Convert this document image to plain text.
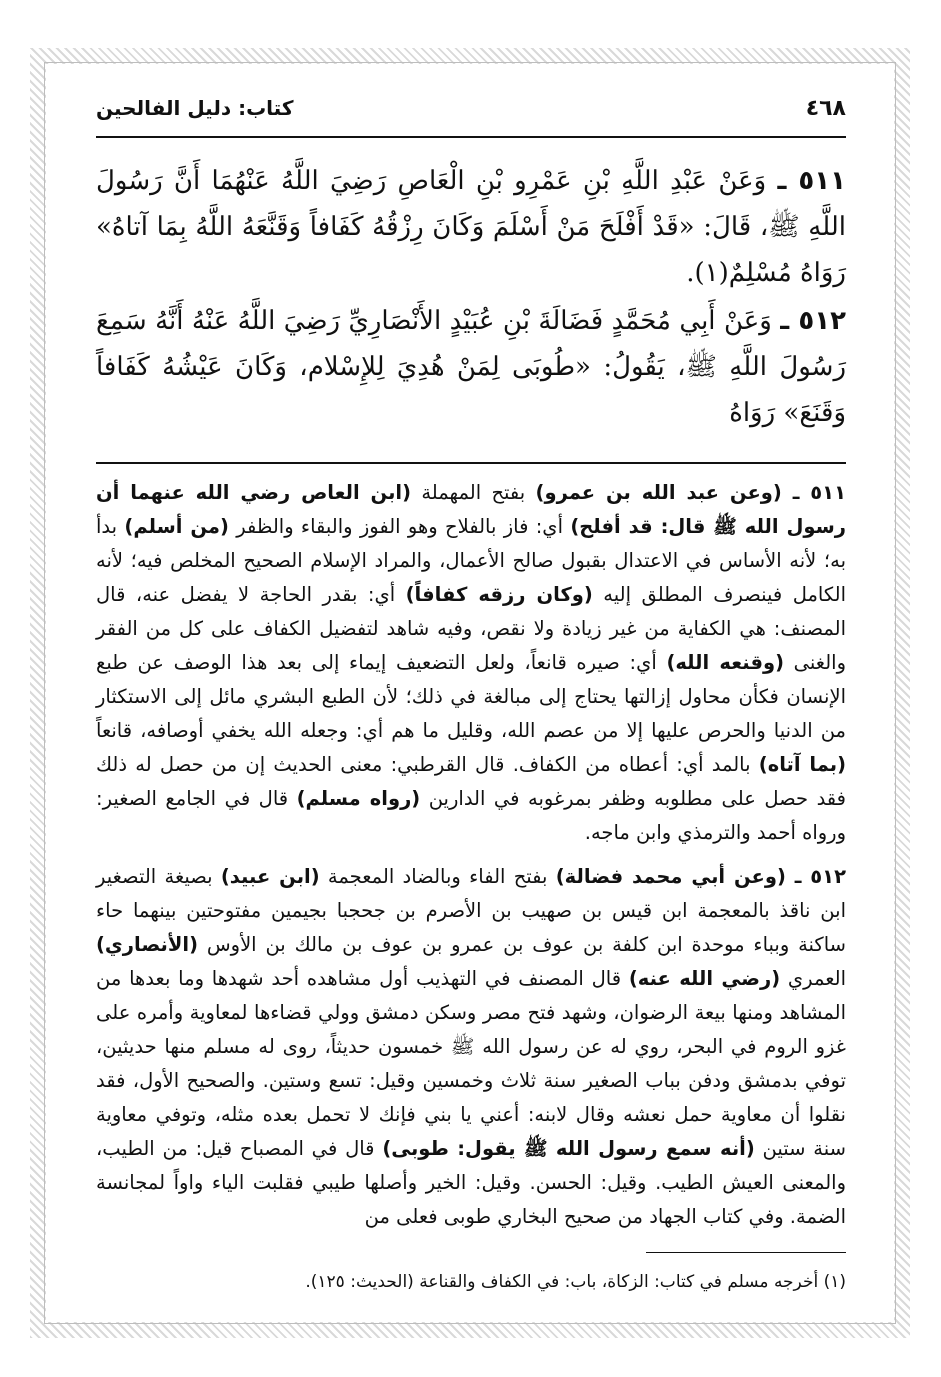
٤٦٨
كتاب: دليل الفالحين

٥١١ ـ وَعَنْ عَبْدِ اللَّهِ بْنِ عَمْرِو بْنِ الْعَاصِ رَضِيَ اللَّهُ عَنْهُمَا أَنَّ رَسُولَ اللَّهِ ﷺ، قَالَ: «قَدْ أَفْلَحَ مَنْ أَسْلَمَ وَكَانَ رِزْقُهُ كَفَافاً وَقَنَّعَهُ اللَّهُ بِمَا آتاهُ» رَوَاهُ مُسْلِمٌ(١).

٥١٢ ـ وَعَنْ أَبِي مُحَمَّدٍ فَضَالَةَ بْنِ عُبَيْدٍ الأَنْصَارِيِّ رَضِيَ اللَّهُ عَنْهُ أَنَّهُ سَمِعَ رَسُولَ اللَّهِ ﷺ، يَقُولُ: «طُوبَى لِمَنْ هُدِيَ لِلإِسْلام، وَكَانَ عَيْشُهُ كَفَافاً وَقَنَعَ» رَوَاهُ

٥١١ ـ (وعن عبد الله بن عمرو) بفتح المهملة (ابن العاص رضي الله عنهما أن رسول الله ﷺ قال: قد أفلح) أي: فاز بالفلاح وهو الفوز والبقاء والظفر (من أسلم) بدأ به؛ لأنه الأساس في الاعتدال بقبول صالح الأعمال، والمراد الإسلام الصحيح المخلص فيه؛ لأنه الكامل فينصرف المطلق إليه (وكان رزقه كفافاً) أي: بقدر الحاجة لا يفضل عنه، قال المصنف: هي الكفاية من غير زيادة ولا نقص، وفيه شاهد لتفضيل الكفاف على كل من الفقر والغنى (وقنعه الله) أي: صيره قانعاً، ولعل التضعيف إيماء إلى بعد هذا الوصف عن طبع الإنسان فكأن محاول إزالتها يحتاج إلى مبالغة في ذلك؛ لأن الطبع البشري مائل إلى الاستكثار من الدنيا والحرص عليها إلا من عصم الله، وقليل ما هم أي: وجعله الله يخفي أوصافه، قانعاً (بما آتاه) بالمد أي: أعطاه من الكفاف. قال القرطبي: معنى الحديث إن من حصل له ذلك فقد حصل على مطلوبه وظفر بمرغوبه في الدارين (رواه مسلم) قال في الجامع الصغير: ورواه أحمد والترمذي وابن ماجه.

٥١٢ ـ (وعن أبي محمد فضالة) بفتح الفاء وبالضاد المعجمة (ابن عبيد) بصيغة التصغير ابن ناقذ بالمعجمة ابن قيس بن صهيب بن الأصرم بن جحجبا بجيمين مفتوحتين بينهما حاء ساكنة وبباء موحدة ابن كلفة بن عوف بن عمرو بن عوف بن مالك بن الأوس (الأنصاري) العمري (رضي الله عنه) قال المصنف في التهذيب أول مشاهده أحد شهدها وما بعدها من المشاهد ومنها بيعة الرضوان، وشهد فتح مصر وسكن دمشق وولي قضاءها لمعاوية وأمره على غزو الروم في البحر، روي له عن رسول الله ﷺ خمسون حديثاً، روى له مسلم منها حديثين، توفي بدمشق ودفن بباب الصغير سنة ثلاث وخمسين وقيل: تسع وستين. والصحيح الأول، فقد نقلوا أن معاوية حمل نعشه وقال لابنه: أعني يا بني فإنك لا تحمل بعده مثله، وتوفي معاوية سنة ستين (أنه سمع رسول الله ﷺ يقول: طوبى) قال في المصباح قيل: من الطيب، والمعنى العيش الطيب. وقيل: الحسن. وقيل: الخير وأصلها طيبي فقلبت الياء واواً لمجانسة الضمة. وفي كتاب الجهاد من صحيح البخاري طوبى فعلى من

(١) أخرجه مسلم في كتاب: الزكاة، باب: في الكفاف والقناعة (الحديث: ١٢٥).
